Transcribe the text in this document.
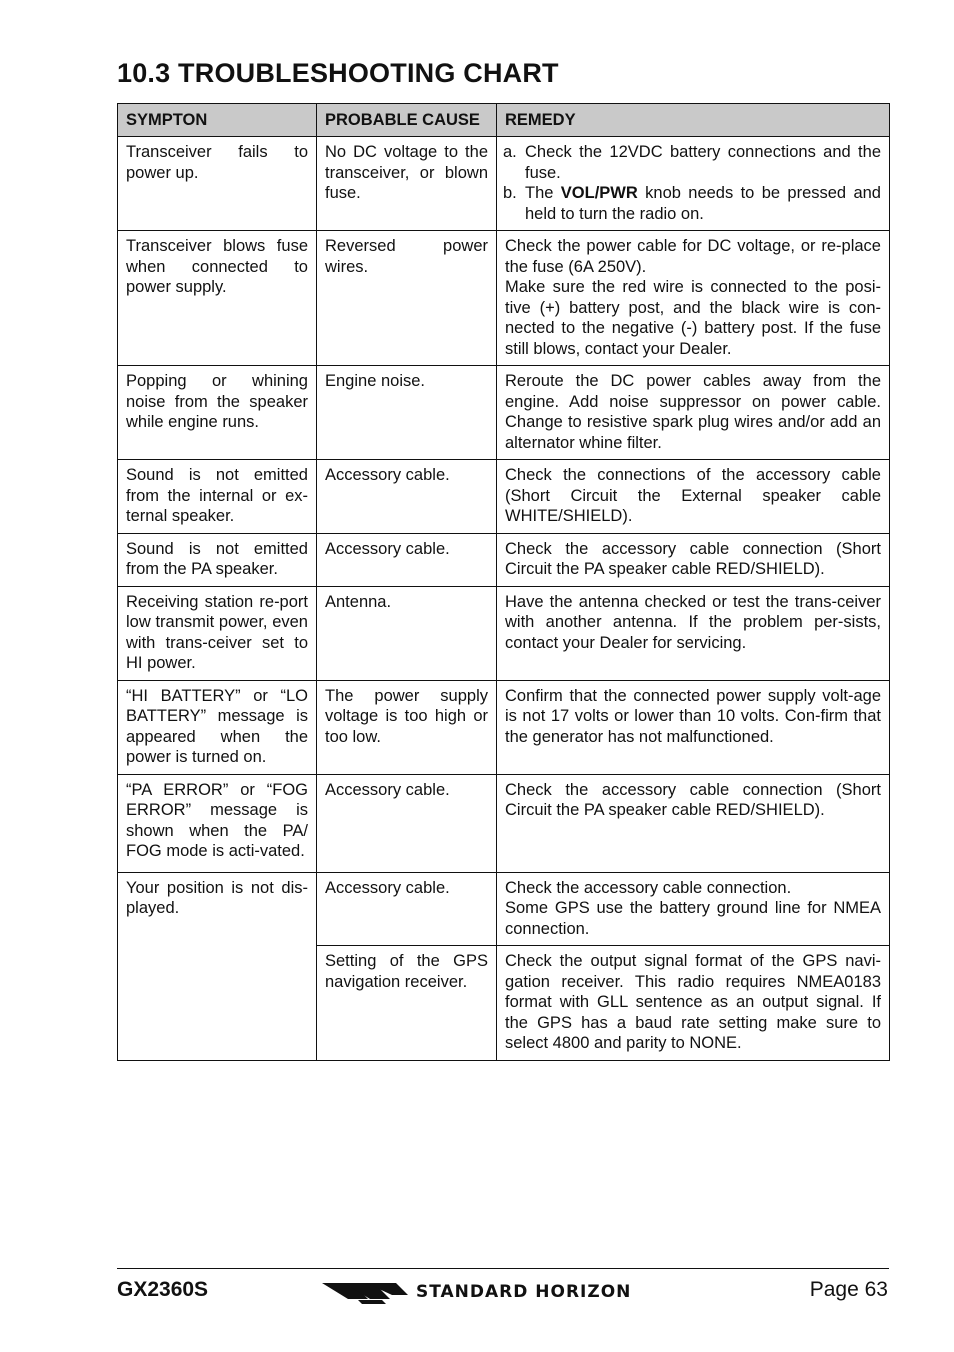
10.3 TROUBLESHOOTING CHART
SYMPTON	PROBABLE CAUSE	REMEDY
Transceiver fails to power up.	No DC voltage to the transceiver, or blown fuse.	a. Check the 12VDC battery connections and the fuse.
b. The VOL/PWR knob needs to be pressed and held to turn the radio on.

Transceiver blows fuse when connected to power supply.	Reversed power wires.	Check the power cable for DC voltage, or re-place the fuse (6A 250V).
Make sure the red wire is connected to the posi-tive (+) battery post, and the black wire is con-nected to the negative (-) battery post. If the fuse still blows, contact your Dealer.

Popping or whining noise from the speaker while engine runs.	Engine noise.	Reroute the DC power cables away from the engine. Add noise suppressor on power cable. Change to resistive spark plug wires and/or add an alternator whine filter.
Sound is not emitted from the internal or ex-ternal speaker.	Accessory cable.	Check the connections of the accessory cable (Short Circuit the External speaker cable WHITE/SHIELD).
Sound is not emitted from the PA speaker.	Accessory cable.	Check the accessory cable connection (Short Circuit the PA speaker cable RED/SHIELD).
Receiving station re-port low transmit power, even with trans-ceiver set to HI power.	Antenna.	Have the antenna checked or test the trans-ceiver with another antenna. If the problem per-sists, contact your Dealer for servicing.
“HI BATTERY” or “LO BATTERY” message is appeared when the power is turned on.	The power supply voltage is too high or too low.	Confirm that the connected power supply volt-age is not 17 volts or lower than 10 volts. Con-firm that the generator has not malfunctioned.
“PA ERROR” or “FOG ERROR” message is shown when the PA/ FOG mode is acti-vated.	Accessory cable.	Check the accessory cable connection (Short Circuit the PA speaker cable RED/SHIELD).
Your position is not dis-played.	Accessory cable.	Check the accessory cable connection.
Some GPS use the battery ground line for NMEA connection.

	Setting of the GPS navigation receiver.	Check the output signal format of the GPS navi-gation receiver. This radio requires NMEA0183 format with GLL sentence as an output signal. If the GPS has a baud rate setting make sure to select 4800 and parity to NONE.
GX2360S	STANDARD HORIZON	Page 63
